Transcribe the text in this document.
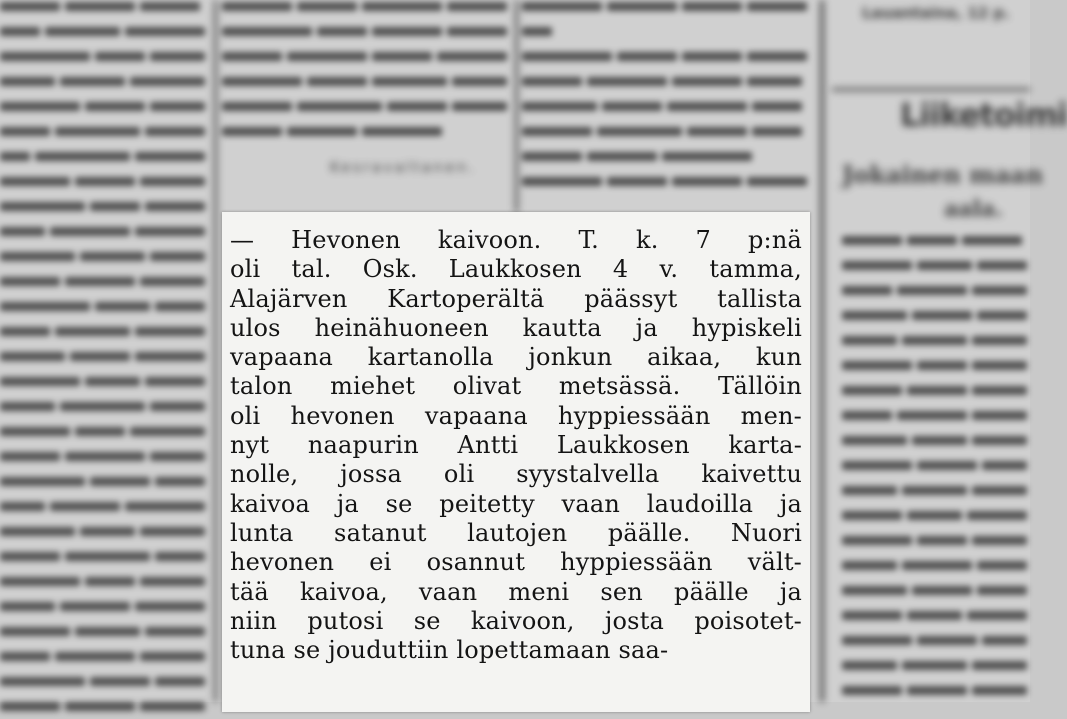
Kesravaltanen.
Lauantaina, 12 p.
Liiketoimi
Jokainen maan
aala.
— Hevonen kaivoon. T. k. 7 p:nä
oli tal. Osk. Laukkosen 4 v. tamma,
Alajärven Kartoperältä päässyt tallista
ulos heinähuoneen kautta ja hypiskeli
vapaana kartanolla jonkun aikaa, kun
talon miehet olivat metsässä. Tällöin
oli hevonen vapaana hyppiessään men-
nyt naapurin Antti Laukkosen karta-
nolle, jossa oli syystalvella kaivettu
kaivoa ja se peitetty vaan laudoilla ja
lunta satanut lautojen päälle. Nuori
hevonen ei osannut hyppiessään vält-
tää kaivoa, vaan meni sen päälle ja
niin putosi se kaivoon, josta poisotet-
tuna se jouduttiin lopettamaan saa-
